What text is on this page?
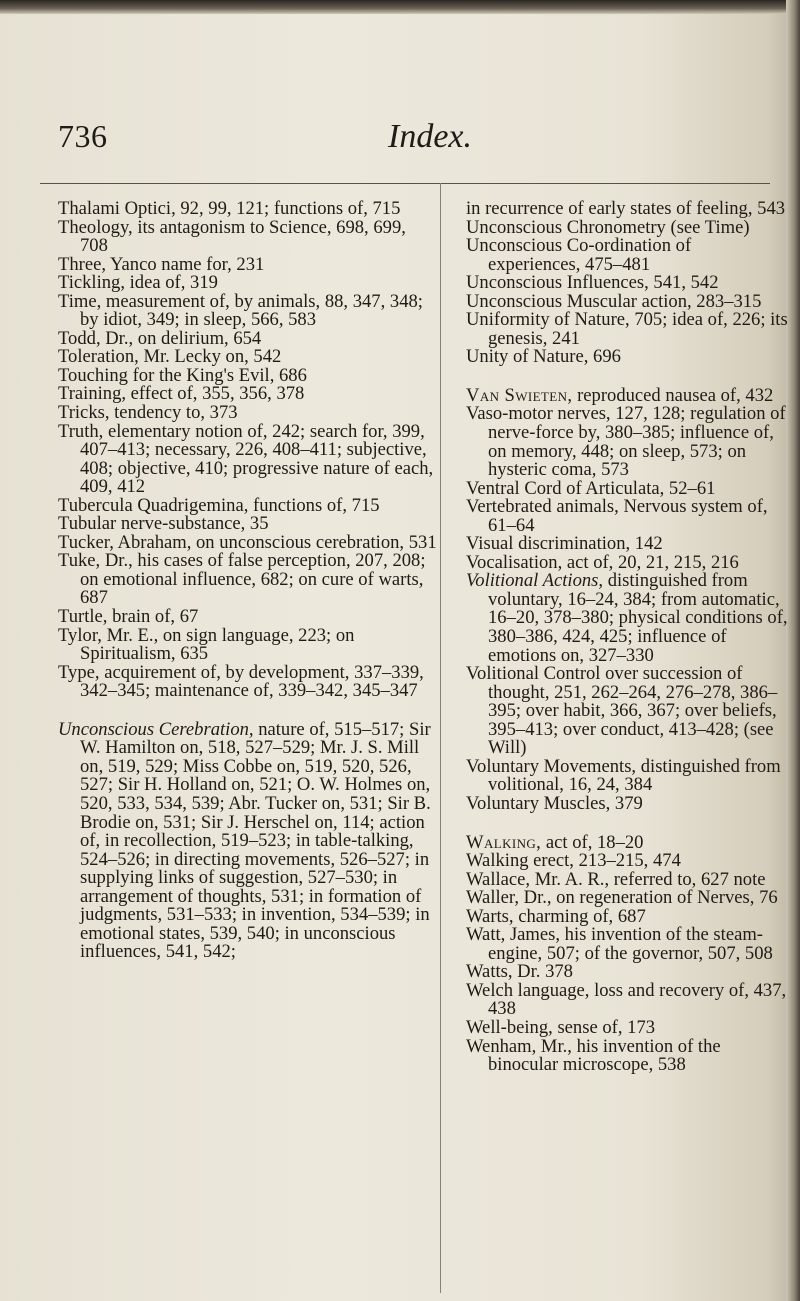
736	Index.

Thalami Optici, 92, 99, 121; functions of, 715

Theology, its antagonism to Science, 698, 699, 708

Three, Yanco name for, 231

Tickling, idea of, 319

Time, measurement of, by animals, 88, 347, 348; by idiot, 349; in sleep, 566, 583

Todd, Dr., on delirium, 654

Toleration, Mr. Lecky on, 542

Touching for the King's Evil, 686

Training, effect of, 355, 356, 378

Tricks, tendency to, 373

Truth, elementary notion of, 242; search for, 399, 407–413; necessary, 226, 408–411; subjective, 408; objective, 410; progressive nature of each, 409, 412

Tubercula Quadrigemina, functions of, 715

Tubular nerve-substance, 35

Tucker, Abraham, on unconscious cerebration, 531

Tuke, Dr., his cases of false perception, 207, 208; on emotional influence, 682; on cure of warts, 687

Turtle, brain of, 67

Tylor, Mr. E., on sign language, 223; on Spiritualism, 635

Type, acquirement of, by development, 337–339, 342–345; maintenance of, 339–342, 345–347

Unconscious Cerebration, nature of, 515–517; Sir W. Hamilton on, 518, 527–529; Mr. J. S. Mill on, 519, 529; Miss Cobbe on, 519, 520, 526, 527; Sir H. Holland on, 521; O. W. Holmes on, 520, 533, 534, 539; Abr. Tucker on, 531; Sir B. Brodie on, 531; Sir J. Herschel on, 114; action of, in recollection, 519–523; in table-talking, 524–526; in directing movements, 526–527; in supplying links of suggestion, 527–530; in arrangement of thoughts, 531; in formation of judgments, 531–533; in invention, 534–539; in emotional states, 539, 540; in unconscious influences, 541, 542;

in recurrence of early states of feeling, 543

Unconscious Chronometry (see Time)

Unconscious Co-ordination of experiences, 475–481

Unconscious Influences, 541, 542

Unconscious Muscular action, 283–315

Uniformity of Nature, 705; idea of, 226; its genesis, 241

Unity of Nature, 696

Van Swieten, reproduced nausea of, 432

Vaso-motor nerves, 127, 128; regulation of nerve-force by, 380–385; influence of, on memory, 448; on sleep, 573; on hysteric coma, 573

Ventral Cord of Articulata, 52–61

Vertebrated animals, Nervous system of, 61–64

Visual discrimination, 142

Vocalisation, act of, 20, 21, 215, 216

Volitional Actions, distinguished from voluntary, 16–24, 384; from automatic, 16–20, 378–380; physical conditions of, 380–386, 424, 425; influence of emotions on, 327–330

Volitional Control over succession of thought, 251, 262–264, 276–278, 386–395; over habit, 366, 367; over beliefs, 395–413; over conduct, 413–428; (see Will)

Voluntary Movements, distinguished from volitional, 16, 24, 384

Voluntary Muscles, 379

Walking, act of, 18–20

Walking erect, 213–215, 474

Wallace, Mr. A. R., referred to, 627 note

Waller, Dr., on regeneration of Nerves, 76

Warts, charming of, 687

Watt, James, his invention of the steam-engine, 507; of the governor, 507, 508

Watts, Dr. 378

Welch language, loss and recovery of, 437, 438

Well-being, sense of, 173

Wenham, Mr., his invention of the binocular microscope, 538
